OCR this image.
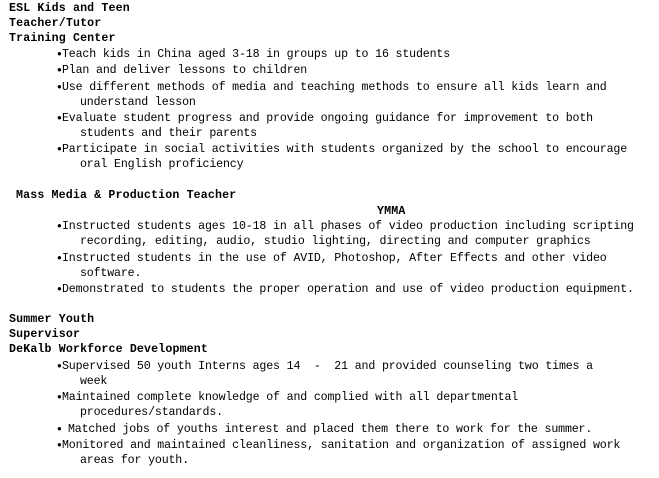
ESL Kids and Teen
Teacher/Tutor
Training Center
● Teach kids in China aged 3-18 in groups up to 16 students
● Plan and deliver lessons to children
● Use different methods of media and teaching methods to ensure all kids learn and
understand lesson
● Evaluate student progress and provide ongoing guidance for improvement to both
students and their parents
● Participate in social activities with students organized by the school to encourage
oral English proficiency
Mass Media & Production Teacher
YMMA
● Instructed students ages 10-18 in all phases of video production including scripting
recording, editing, audio, studio lighting, directing and computer graphics
● Instructed students in the use of AVID, Photoshop, After Effects and other video
software.
● Demonstrated to students the proper operation and use of video production equipment.
Summer Youth
Supervisor
DeKalb Workforce Development
● Supervised 50 youth Interns ages 14  -  21 and provided counseling two times a
week
● Maintained complete knowledge of and complied with all departmental
procedures/standards.
● Matched jobs of youths interest and placed them there to work for the summer.
● Monitored and maintained cleanliness, sanitation and organization of assigned work
areas for youth.
